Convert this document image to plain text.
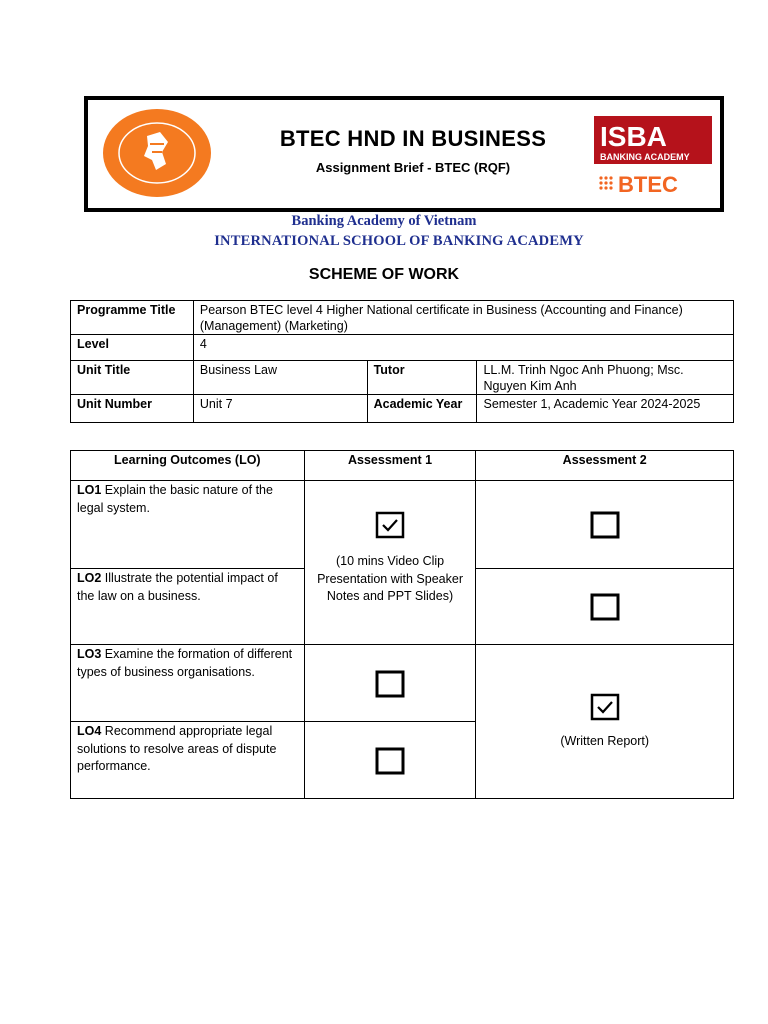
BTEC HND IN BUSINESS
Assignment Brief - BTEC (RQF)
ISBA
BANKING ACADEMY
BTEC
Banking Academy of Vietnam
INTERNATIONAL SCHOOL OF BANKING ACADEMY
SCHEME OF WORK
Programme Title	Pearson BTEC level 4 Higher National certificate in Business (Accounting and Finance) (Management) (Marketing)		
Level	4		
Unit Title	Business Law	Tutor	LL.M. Trinh Ngoc Anh Phuong; Msc. Nguyen Kim Anh
Unit Number	Unit 7	Academic Year	Semester 1, Academic Year 2024-2025
Learning Outcomes (LO)	Assessment 1	Assessment 2
LO1 Explain the basic nature of the legal system.	(10 mins Video Clip Presentation with Speaker Notes and PPT Slides)

LO2 Illustrate the potential impact of the law on a business.	

LO3 Examine the formation of different types of business organisations.		(Written Report)

LO4 Recommend appropriate legal solutions to resolve areas of dispute performance.	
